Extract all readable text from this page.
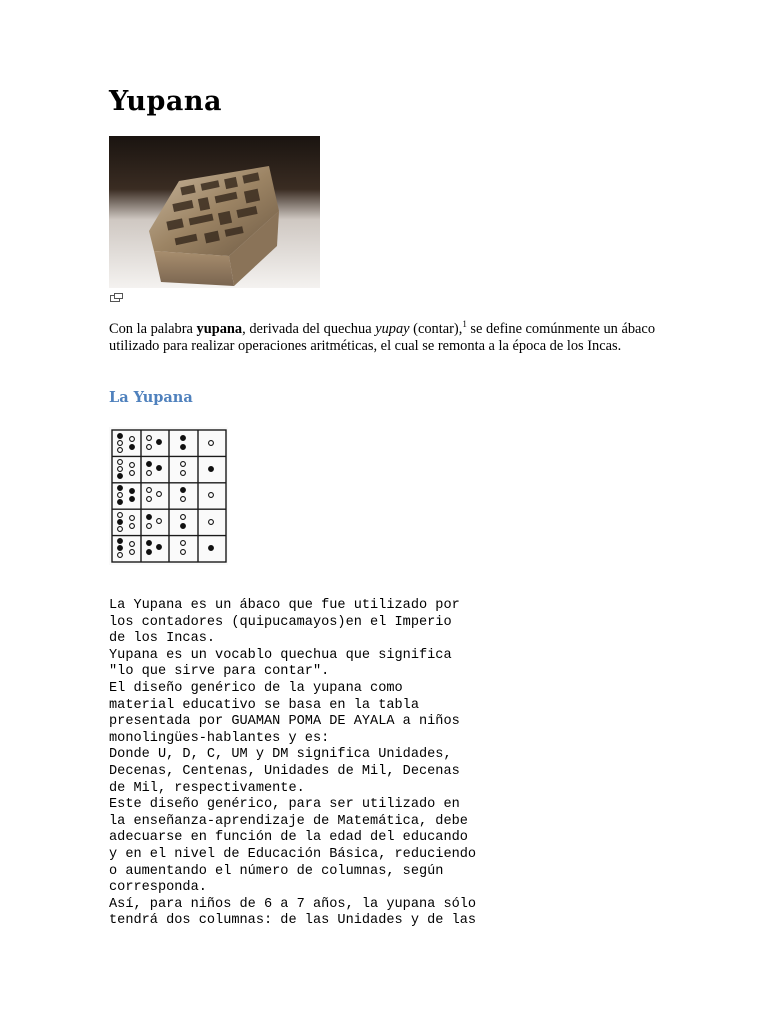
Yupana

Con la palabra yupana, derivada del quechua yupay (contar),$^1$ se define comúnmente un ábaco utilizado para realizar operaciones aritméticas, el cual se remonta a la época de los Incas.

La Yupana
La Yupana es un ábaco que fue utilizado por
los contadores (quipucamayos)en el Imperio
de los Incas.
Yupana es un vocablo quechua que significa
"lo que sirve para contar".
El diseño genérico de la yupana como
material educativo se basa en la tabla
presentada por GUAMAN POMA DE AYALA a niños
monolingües-hablantes y es:
Donde U, D, C, UM y DM significa Unidades,
Decenas, Centenas, Unidades de Mil, Decenas
de Mil, respectivamente.
Este diseño genérico, para ser utilizado en
la enseñanza-aprendizaje de Matemática, debe
adecuarse en función de la edad del educando
y en el nivel de Educación Básica, reduciendo
o aumentando el número de columnas, según
corresponda.
Así, para niños de 6 a 7 años, la yupana sólo
tendrá dos columnas: de las Unidades y de las
